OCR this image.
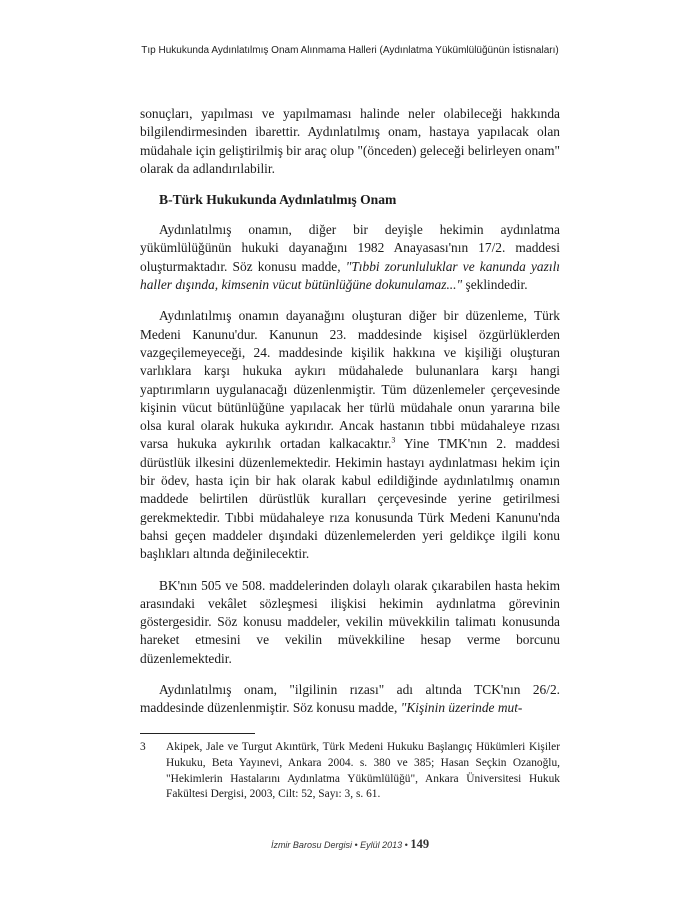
Tıp Hukukunda Aydınlatılmış Onam Alınmama Halleri (Aydınlatma Yükümlülüğünün İstisnaları)

sonuçları, yapılması ve yapılmaması halinde neler olabileceği hakkında bilgilendirmesinden ibarettir. Aydınlatılmış onam, hastaya yapılacak olan müdahale için geliştirilmiş bir araç olup "(önceden) geleceği belirleyen onam" olarak da adlandırılabilir.

B-Türk Hukukunda Aydınlatılmış Onam

Aydınlatılmış onamın, diğer bir deyişle hekimin aydınlatma yükümlülüğünün hukuki dayanağını 1982 Anayasası'nın 17/2. maddesi oluşturmaktadır. Söz konusu madde, "Tıbbi zorunluluklar ve kanunda yazılı haller dışında, kimsenin vücut bütünlüğüne dokunulamaz..." şeklindedir.

Aydınlatılmış onamın dayanağını oluşturan diğer bir düzenleme, Türk Medeni Kanunu'dur. Kanunun 23. maddesinde kişisel özgürlüklerden vazgeçilemeyeceği, 24. maddesinde kişilik hakkına ve kişiliği oluşturan varlıklara karşı hukuka aykırı müdahalede bulunanlara karşı hangi yaptırımların uygulanacağı düzenlenmiştir. Tüm düzenlemeler çerçevesinde kişinin vücut bütünlüğüne yapılacak her türlü müdahale onun yararına bile olsa kural olarak hukuka aykırıdır. Ancak hastanın tıbbi müdahaleye rızası varsa hukuka aykırılık ortadan kalkacaktır.$^3$ Yine TMK'nın 2. maddesi dürüstlük ilkesini düzenlemektedir. Hekimin hastayı aydınlatması hekim için bir ödev, hasta için bir hak olarak kabul edildiğinde aydınlatılmış onamın maddede belirtilen dürüstlük kuralları çerçevesinde yerine getirilmesi gerekmektedir. Tıbbi müdahaleye rıza konusunda Türk Medeni Kanunu'nda bahsi geçen maddeler dışındaki düzenlemelerden yeri geldikçe ilgili konu başlıkları altında değinilecektir.

BK'nın 505 ve 508. maddelerinden dolaylı olarak çıkarabilen hasta hekim arasındaki vekâlet sözleşmesi ilişkisi hekimin aydınlatma görevinin göstergesidir. Söz konusu maddeler, vekilin müvekkilin talimatı konusunda hareket etmesini ve vekilin müvekkiline hesap verme borcunu düzenlemektedir.

Aydınlatılmış onam, "ilgilinin rızası" adı altında TCK'nın 26/2. maddesinde düzenlenmiştir. Söz konusu madde, "Kişinin üzerinde mut-

3	Akipek, Jale ve Turgut Akıntürk, Türk Medeni Hukuku Başlangıç Hükümleri Kişiler Hukuku, Beta Yayınevi, Ankara 2004. s. 380 ve 385; Hasan Seçkin Ozanoğlu, "Hekimlerin Hastalarını Aydınlatma Yükümlülüğü", Ankara Üniversitesi Hukuk Fakültesi Dergisi, 2003, Cilt: 52, Sayı: 3, s. 61.
İzmir Barosu Dergisi • Eylül 2013 • 149
